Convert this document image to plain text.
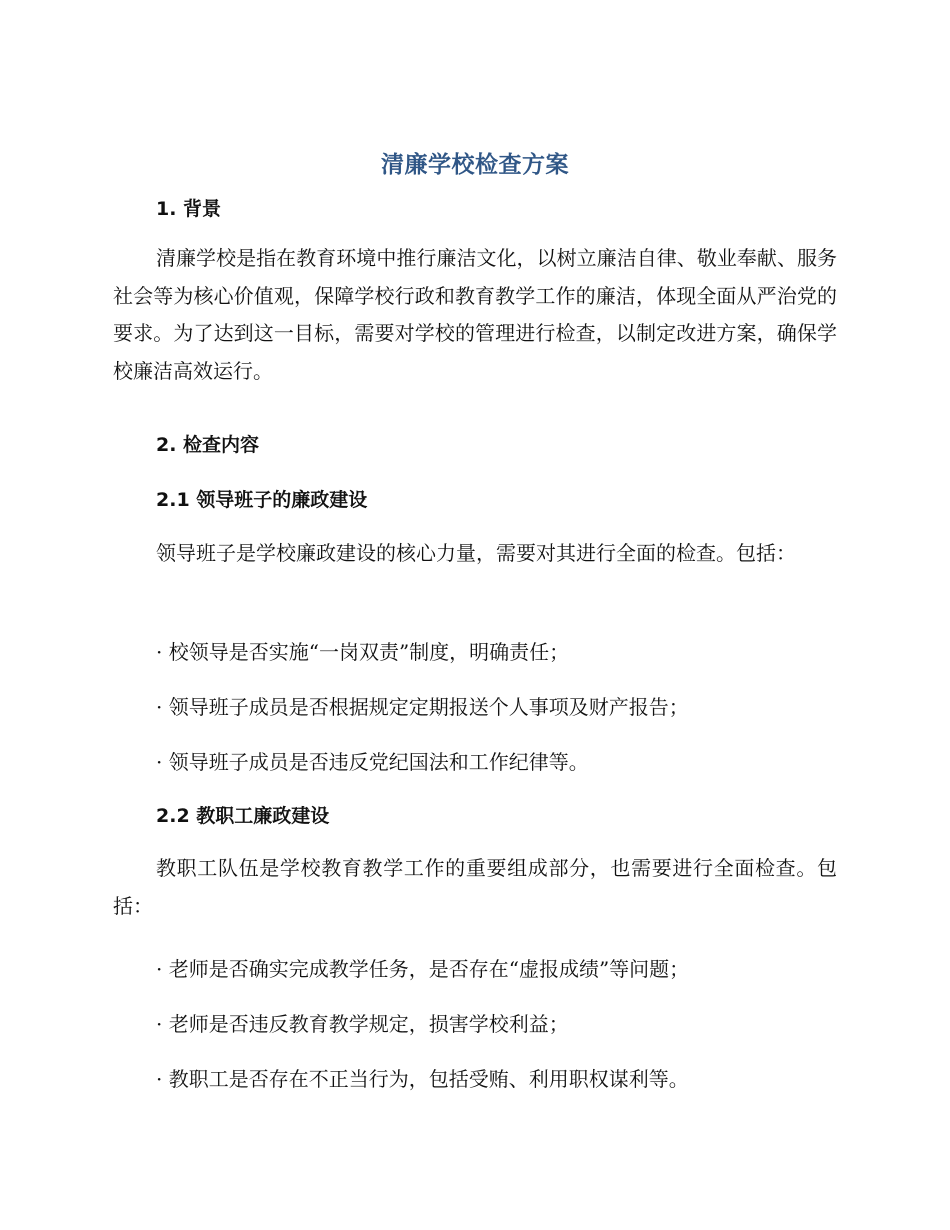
清廉学校检查方案
1. 背景

清廉学校是指在教育环境中推行廉洁文化，以树立廉洁自律、敬业奉献、服务社会等为核心价值观，保障学校行政和教育教学工作的廉洁，体现全面从严治党的要求。为了达到这一目标，需要对学校的管理进行检查，以制定改进方案，确保学校廉洁高效运行。

2. 检查内容
2.1 领导班子的廉政建设

领导班子是学校廉政建设的核心力量，需要对其进行全面的检查。包括：

· 校领导是否实施“一岗双责”制度，明确责任；
· 领导班子成员是否根据规定定期报送个人事项及财产报告；
· 领导班子成员是否违反党纪国法和工作纪律等。
2.2 教职工廉政建设

教职工队伍是学校教育教学工作的重要组成部分，也需要进行全面检查。包括：

· 老师是否确实完成教学任务，是否存在“虚报成绩”等问题；
· 老师是否违反教育教学规定，损害学校利益；
· 教职工是否存在不正当行为，包括受贿、利用职权谋利等。
